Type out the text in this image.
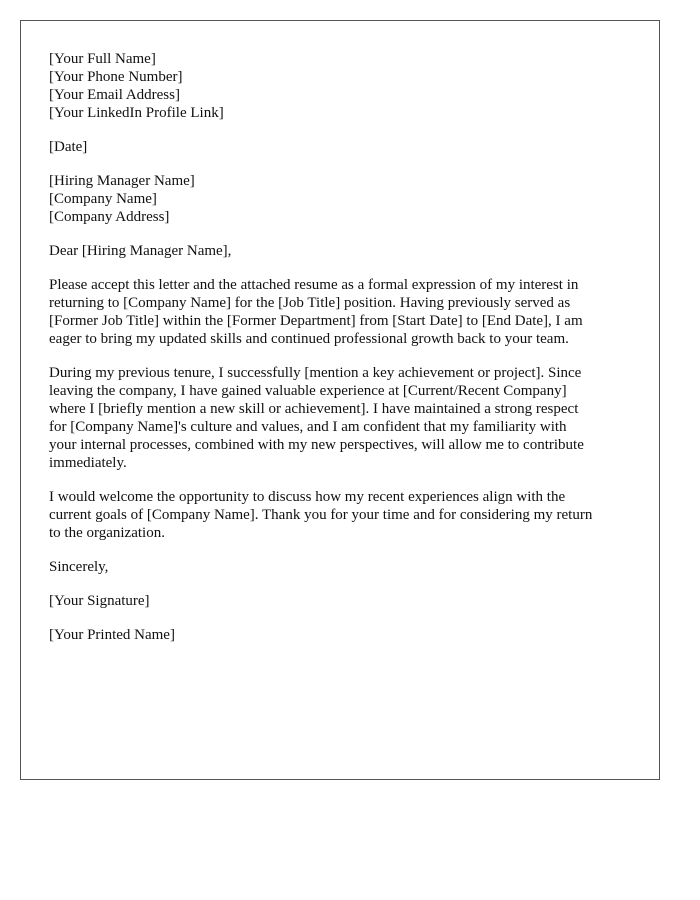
[Your Full Name]
[Your Phone Number]
[Your Email Address]
[Your LinkedIn Profile Link]
[Date]
[Hiring Manager Name]
[Company Name]
[Company Address]
Dear [Hiring Manager Name],

Please accept this letter and the attached resume as a formal expression of my interest in
returning to [Company Name] for the [Job Title] position. Having previously served as
[Former Job Title] within the [Former Department] from [Start Date] to [End Date], I am
eager to bring my updated skills and continued professional growth back to your team.

During my previous tenure, I successfully [mention a key achievement or project]. Since
leaving the company, I have gained valuable experience at [Current/Recent Company]
where I [briefly mention a new skill or achievement]. I have maintained a strong respect
for [Company Name]'s culture and values, and I am confident that my familiarity with
your internal processes, combined with my new perspectives, will allow me to contribute
immediately.

I would welcome the opportunity to discuss how my recent experiences align with the
current goals of [Company Name]. Thank you for your time and for considering my return
to the organization.

Sincerely,
[Your Signature]
[Your Printed Name]
